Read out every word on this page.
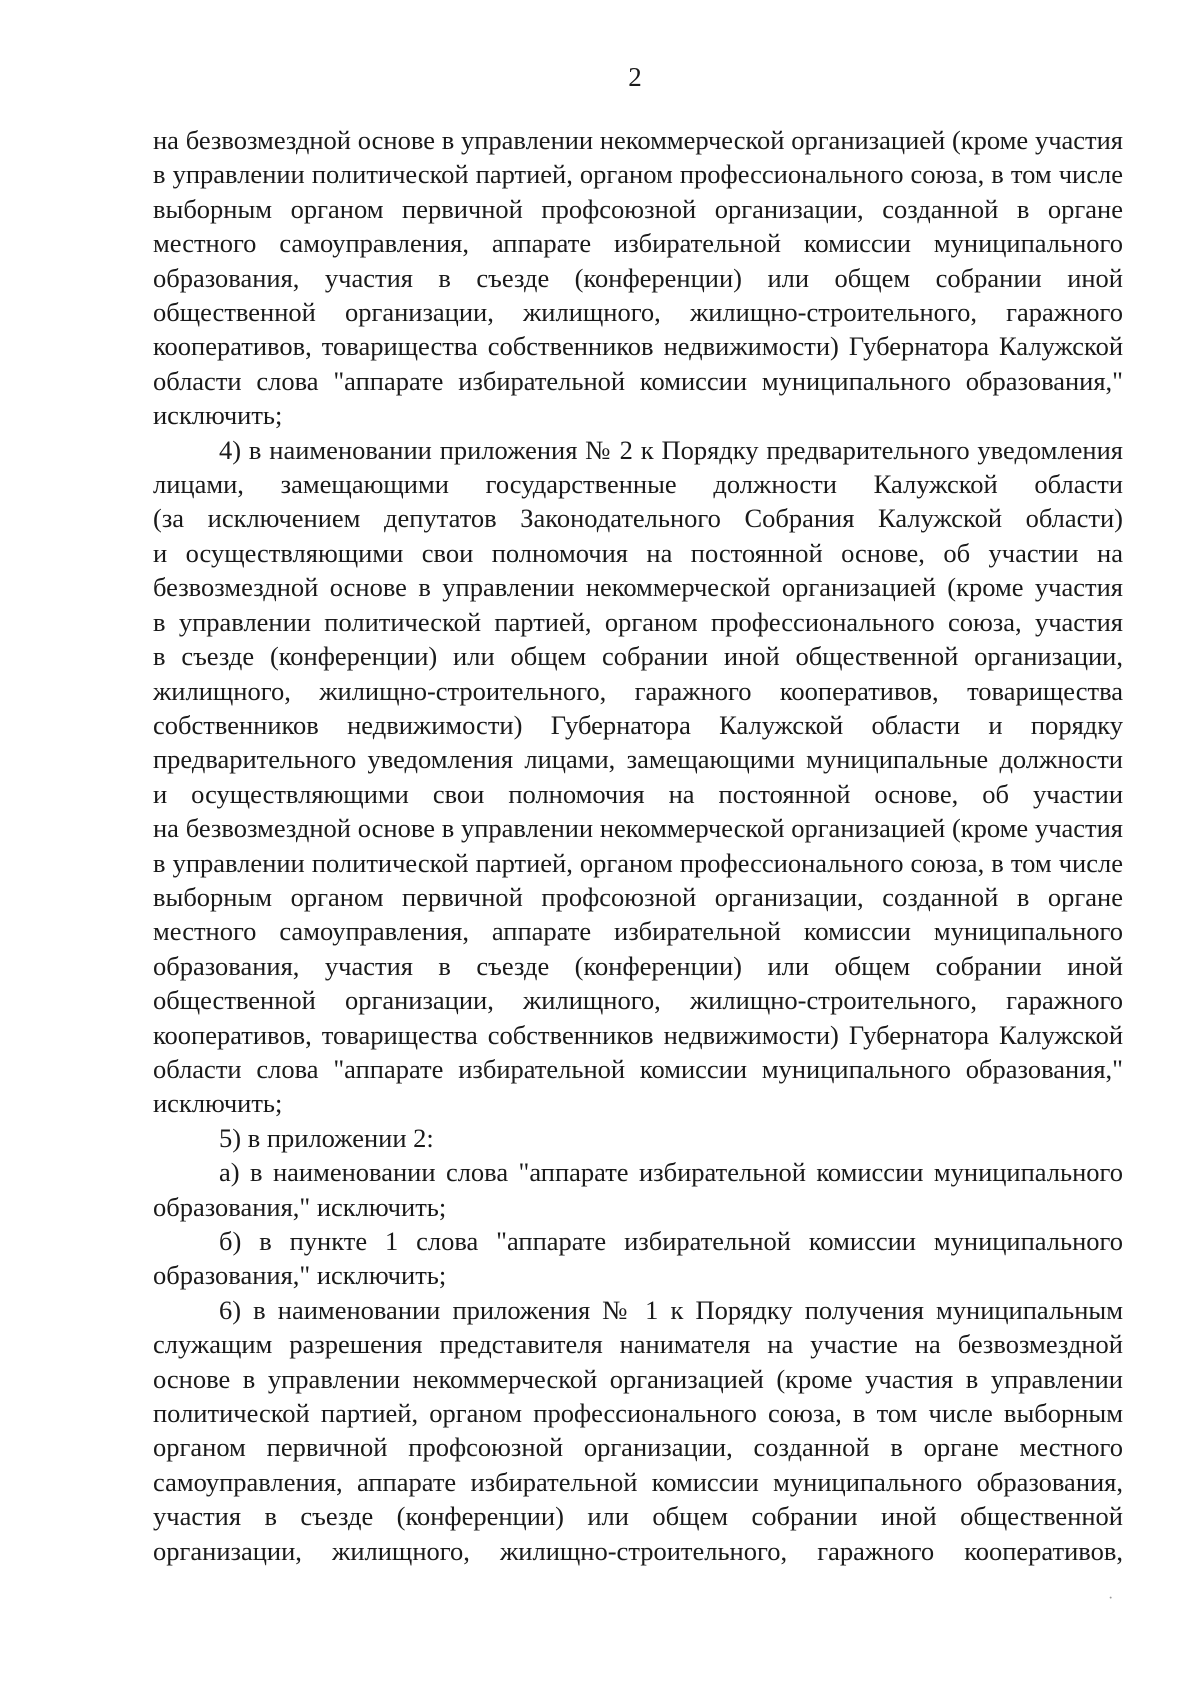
2

на безвозмездной основе в управлении некоммерческой организацией (кроме участия
в управлении политической партией, органом профессионального союза, в том числе
выборным органом первичной профсоюзной организации, созданной в органе
местного самоуправления, аппарате избирательной комиссии муниципального
образования, участия в съезде (конференции) или общем собрании иной
общественной организации, жилищного, жилищно-строительного, гаражного
кооперативов, товарищества собственников недвижимости) Губернатора Калужской
области слова "аппарате избирательной комиссии муниципального образования,"
исключить;

4) в наименовании приложения № 2 к Порядку предварительного уведомления
лицами, замещающими государственные должности Калужской области
(за исключением депутатов Законодательного Собрания Калужской области)
и осуществляющими свои полномочия на постоянной основе, об участии на
безвозмездной основе в управлении некоммерческой организацией (кроме участия
в управлении политической партией, органом профессионального союза, участия
в съезде (конференции) или общем собрании иной общественной организации,
жилищного, жилищно-строительного, гаражного кооперативов, товарищества
собственников недвижимости) Губернатора Калужской области и порядку
предварительного уведомления лицами, замещающими муниципальные должности
и осуществляющими свои полномочия на постоянной основе, об участии
на безвозмездной основе в управлении некоммерческой организацией (кроме участия
в управлении политической партией, органом профессионального союза, в том числе
выборным органом первичной профсоюзной организации, созданной в органе
местного самоуправления, аппарате избирательной комиссии муниципального
образования, участия в съезде (конференции) или общем собрании иной
общественной организации, жилищного, жилищно-строительного, гаражного
кооперативов, товарищества собственников недвижимости) Губернатора Калужской
области слова "аппарате избирательной комиссии муниципального образования,"
исключить;

5) в приложении 2:

а) в наименовании слова "аппарате избирательной комиссии муниципального
образования," исключить;

б) в пункте 1 слова "аппарате избирательной комиссии муниципального
образования," исключить;

6) в наименовании приложения № 1 к Порядку получения муниципальным
служащим разрешения представителя нанимателя на участие на безвозмездной
основе в управлении некоммерческой организацией (кроме участия в управлении
политической партией, органом профессионального союза, в том числе выборным
органом первичной профсоюзной организации, созданной в органе местного
самоуправления, аппарате избирательной комиссии муниципального образования,
участия в съезде (конференции) или общем собрании иной общественной
организации, жилищного, жилищно-строительного, гаражного кооперативов,

·
